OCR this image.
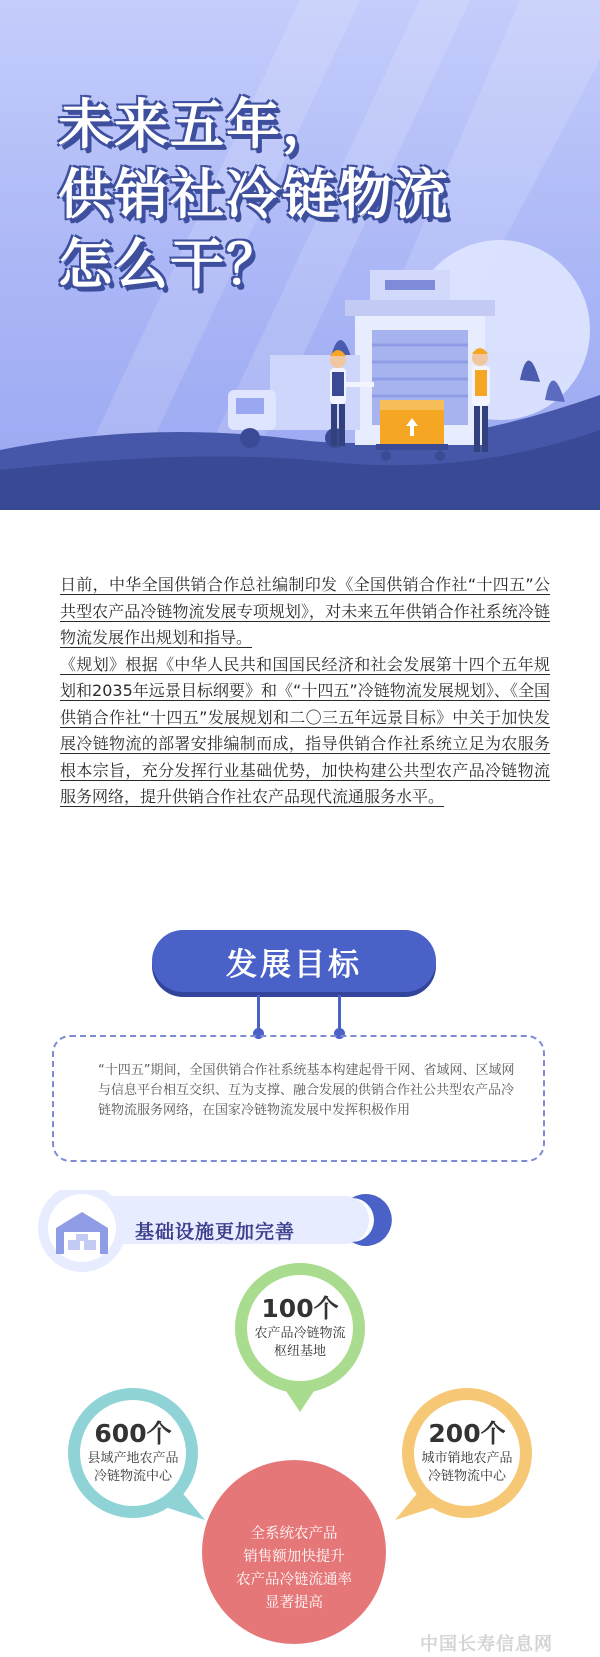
未来五年，
供销社冷链物流
怎么干？

日前，中华全国供销合作总社编制印发《全国供销合作社“十四五”公共型农产品冷链物流发展专项规划》，对未来五年供销合作社系统冷链物流发展作出规划和指导。

《规划》根据《中华人民共和国国民经济和社会发展第十四个五年规划和2035年远景目标纲要》和《“十四五”冷链物流发展规划》、《全国供销合作社“十四五”发展规划和二〇三五年远景目标》中关于加快发展冷链物流的部署安排编制而成，指导供销合作社系统立足为农服务根本宗旨，充分发挥行业基础优势，加快构建公共型农产品冷链物流服务网络，提升供销合作社农产品现代流通服务水平。

发展目标

“十四五”期间，全国供销合作社系统基本构建起骨干网、省域网、区域网与信息平台相互交织、互为支撑、融合发展的供销合作社公共型农产品冷链物流服务网络，在国家冷链物流发展中发挥积极作用

基础设施更加完善
100个
农产品冷链物流
枢纽基地
600个
县域产地农产品
冷链物流中心
200个
城市销地农产品
冷链物流中心
全系统农产品
销售额加快提升
农产品冷链流通率
显著提高
中国长寿信息网
